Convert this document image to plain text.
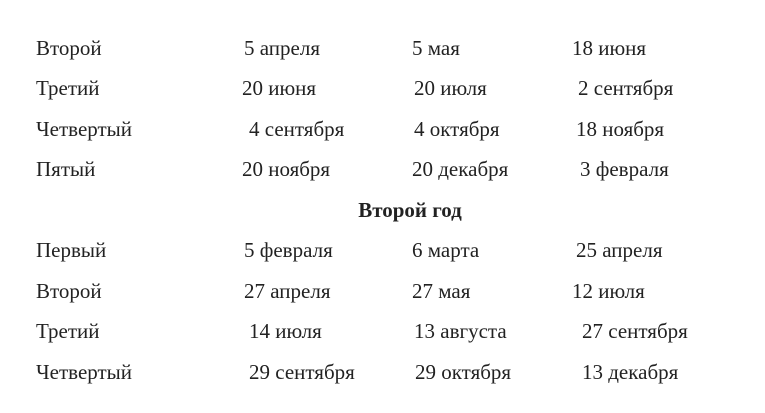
Второй	5 апреля	5 мая	18 июня
Третий	20 июня	20 июля	2 сентября
Четвертый	4 сентября	4 октября	18 ноября
Пятый	20 ноября	20 декабря	3 февраля
Второй год
Первый	5 февраля	6 марта	25 апреля
Второй	27 апреля	27 мая	12 июля
Третий	14 июля	13 августа	27 сентября
Четвертый	29 сентября	29 октября	13 декабря
